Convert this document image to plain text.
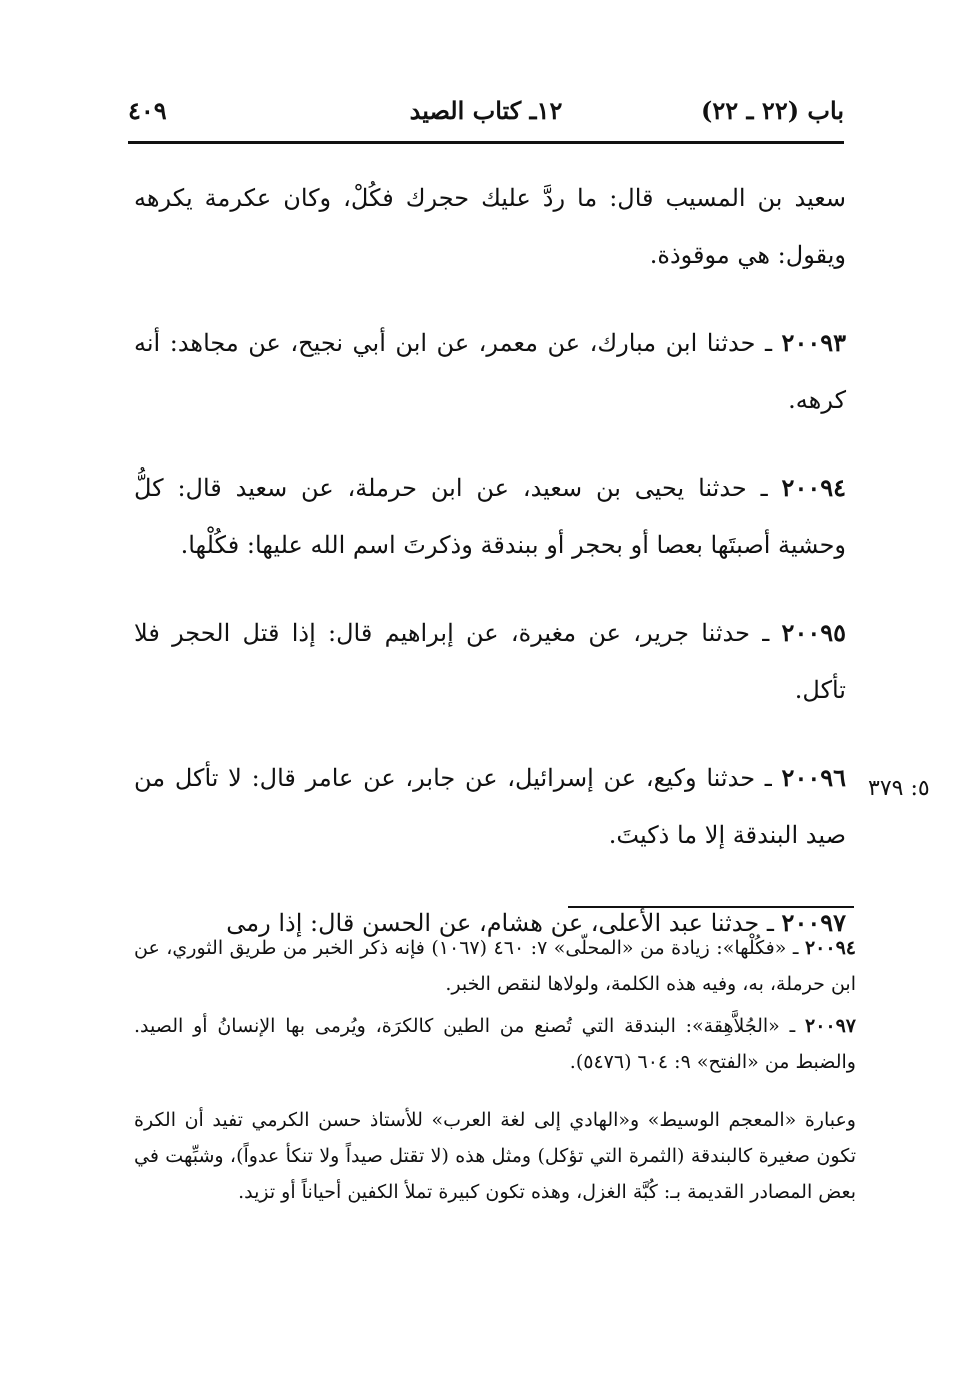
باب (٢٢ ـ ٢٢)
١٢ـ كتاب الصيد
٤٠٩

سعيد بن المسيب قال: ما ردَّ عليك حجرك فكُلْ، وكان عكرمة يكرهه ويقول: هي موقوذة.

٢٠٠٩٣ ـ حدثنا ابن مبارك، عن معمر، عن ابن أبي نجيح، عن مجاهد: أنه كرهه.

٢٠٠٩٤ ـ حدثنا يحيى بن سعيد، عن ابن حرملة، عن سعيد قال: كلُّ وحشية أصبتَها بعصا أو بحجر أو ببندقة وذكرتَ اسم الله عليها: فكُلْها.

٢٠٠٩٥ ـ حدثنا جرير، عن مغيرة، عن إبراهيم قال: إذا قتل الحجر فلا تأكل.

٢٠٠٩٦ ـ حدثنا وكيع، عن إسرائيل، عن جابر، عن عامر قال: لا تأكل من صيد البندقة إلا ما ذكيتَ.

٢٠٠٩٧ ـ حدثنا عبد الأعلى، عن هشام، عن الحسن قال: إذا رمى

٥: ٣٧٩

٢٠٠٩٤ ـ «فكُلْها»: زيادة من «المحلّى» ٧: ٤٦٠ (١٠٦٧) فإنه ذكر الخبر من طريق الثوري، عن ابن حرملة، به، وفيه هذه الكلمة، ولولاها لنقص الخبر.

٢٠٠٩٧ ـ «الجُلاَّهِقة»: البندقة التي تُصنع من الطين كالكرَة، ويُرمى بها الإنسانُ أو الصيد. والضبط من «الفتح» ٩: ٦٠٤ (٥٤٧٦).

وعبارة «المعجم الوسيط» و«الهادي إلى لغة العرب» للأستاذ حسن الكرمي تفيد أن الكرة تكون صغيرة كالبندقة (الثمرة التي تؤكل) ومثل هذه (لا تقتل صيداً ولا تنكأ عدواً)، وشبِّهت في بعض المصادر القديمة بـ: كُبَّة الغزل، وهذه تكون كبيرة تملأ الكفين أحياناً أو تزيد.
